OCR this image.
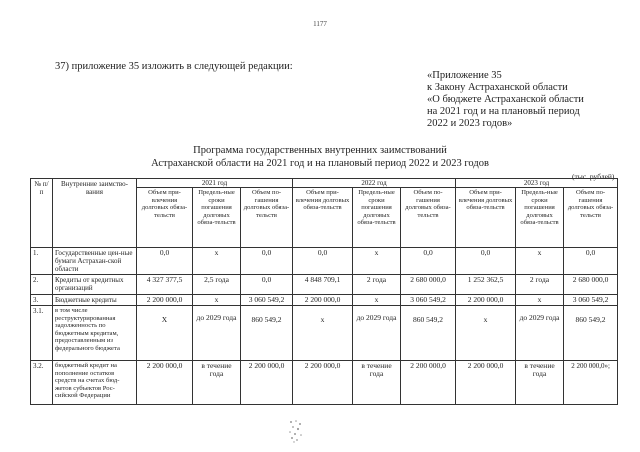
1177
37) приложение 35 изложить в следующей редакции:
«Приложение 35
к Закону Астраханской области
«О бюджете Астраханской области
на 2021 год и на плановый период
2022 и 2023 годов»
Программа государственных внутренних заимствований
Астраханской области на 2021 год и на плановый период 2022 и 2023 годов
(тыс. рублей)
№ п/п	Внутренние заимство-вания	2021 год			2022 год			2023 год		
		Объем при-влечения долговых обяза-тельств	Предель-ные сроки погашения долговых обяза-тельств	Объем по-гашения долговых обяза-тельств	Объем при-влечения долговых обяза-тельств	Предель-ные сроки погашения долговых обяза-тельств	Объем по-гашения долговых обяза-тельств	Объем при-влечения долговых обяза-тельств	Предель-ные сроки погашения долговых обяза-тельств	Объем по-гашения долговых обяза-тельств
1.	Государственные цен-ные бумаги Астрахан-ской области	0,0	х	0,0	0,0	х	0,0	0,0	х	0,0
2.	Кредиты от кредитных организаций	4 327 377,5	2,5 года	0,0	4 848 709,1	2 года	2 680 000,0	1 252 362,5	2 года	2 680 000,0
3.	Бюджетные кредиты	2 200 000,0	х	3 060 549,2	2 200 000,0	х	3 060 549,2	2 200 000,0	х	3 060 549,2
3.1.	в том числе реструктурированная задолженность по бюджетным кредитам, предоставленным из федерального бюджета	Х	до 2029 года	860 549,2	х	до 2029 года	860 549,2	х	до 2029 года	860 549,2
3.2.	бюджетный кредит на пополнение остатков средств на счетах бюд-жетов субъектов Рос-сийской Федерации	2 200 000,0	в течение года	2 200 000,0	2 200 000,0	в течение года	2 200 000,0	2 200 000,0	в течение года	2 200 000,0»;
